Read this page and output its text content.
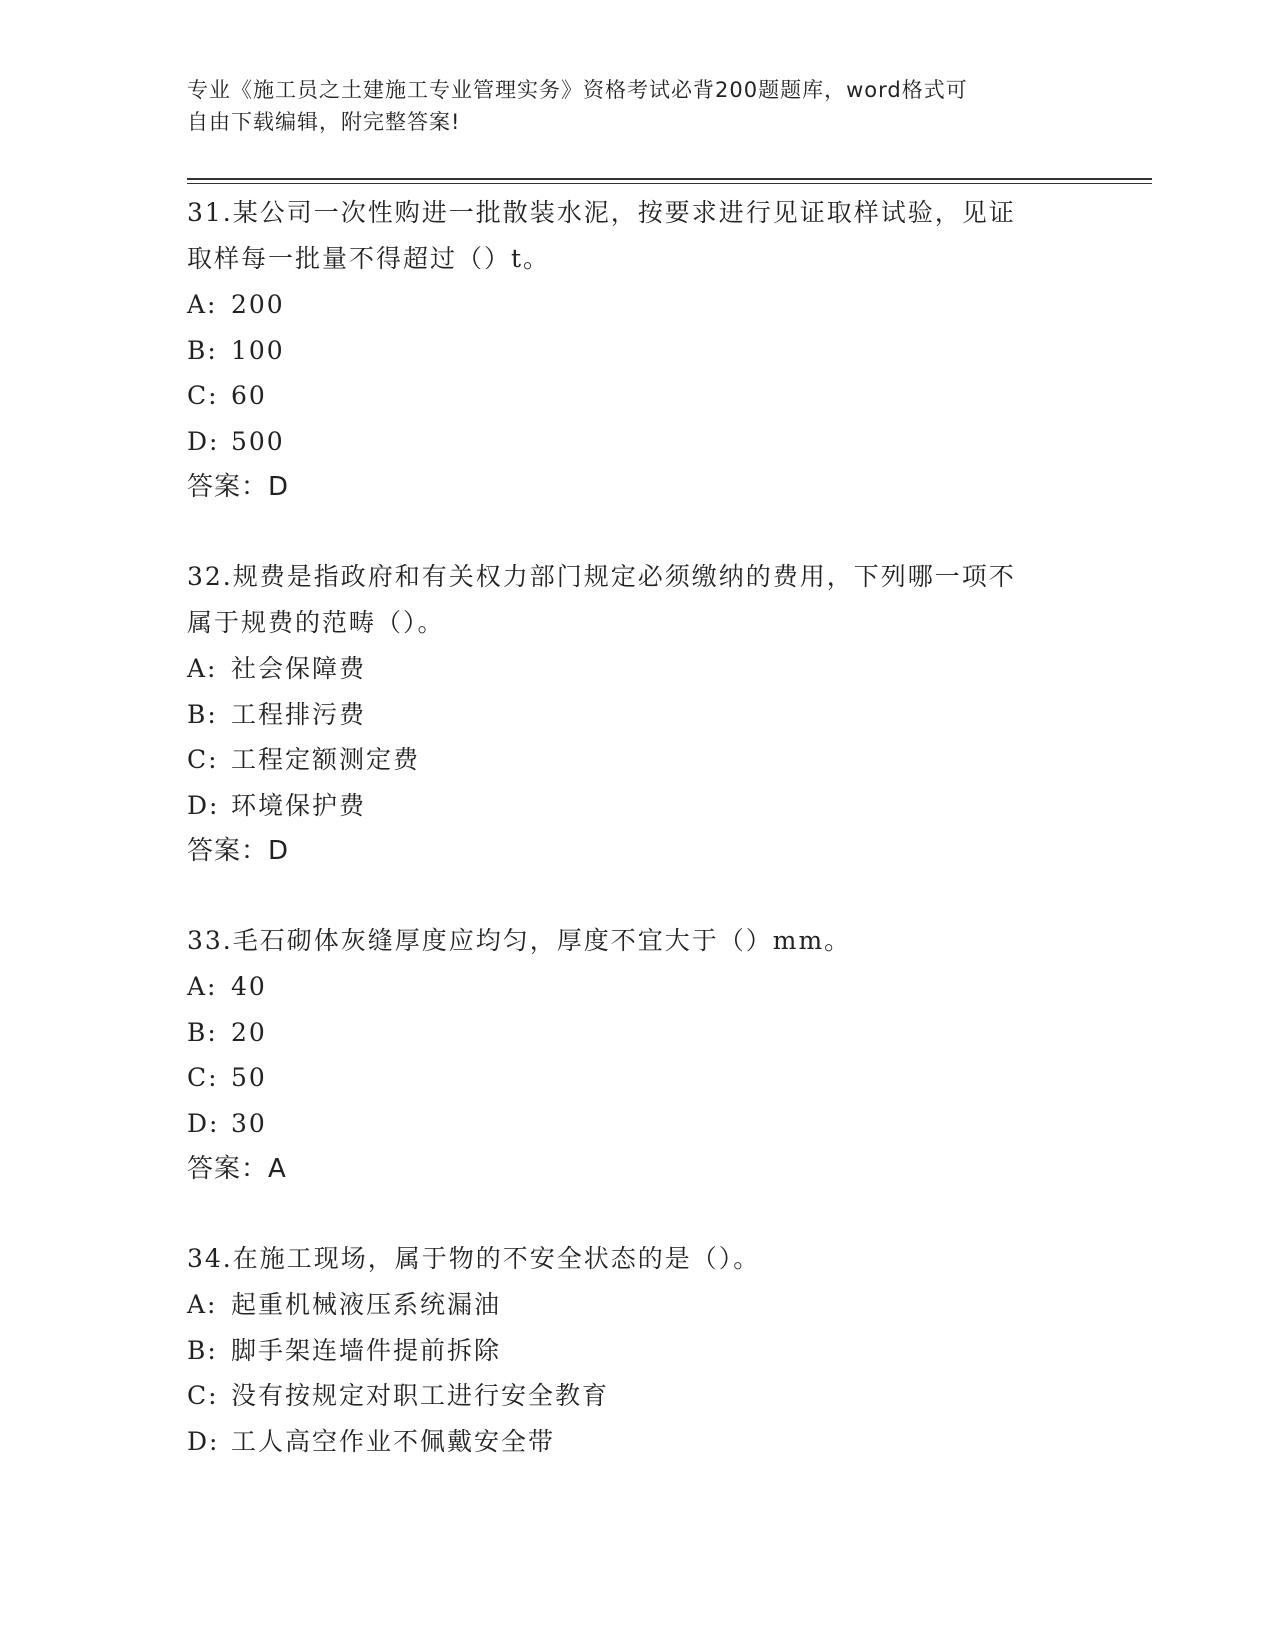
专业《施工员之土建施工专业管理实务》资格考试必背200题题库，word格式可
自由下载编辑，附完整答案!
31.某公司一次性购进一批散装水泥，按要求进行见证取样试验，见证
取样每一批量不得超过（）t。
A: 200
B: 100
C: 60
D: 500
答案：D
32.规费是指政府和有关权力部门规定必须缴纳的费用，下列哪一项不
属于规费的范畴（）。
A: 社会保障费
B: 工程排污费
C: 工程定额测定费
D: 环境保护费
答案：D
33.毛石砌体灰缝厚度应均匀，厚度不宜大于（）mm。
A: 40
B: 20
C: 50
D: 30
答案：A
34.在施工现场，属于物的不安全状态的是（）。
A: 起重机械液压系统漏油
B: 脚手架连墙件提前拆除
C: 没有按规定对职工进行安全教育
D: 工人高空作业不佩戴安全带
